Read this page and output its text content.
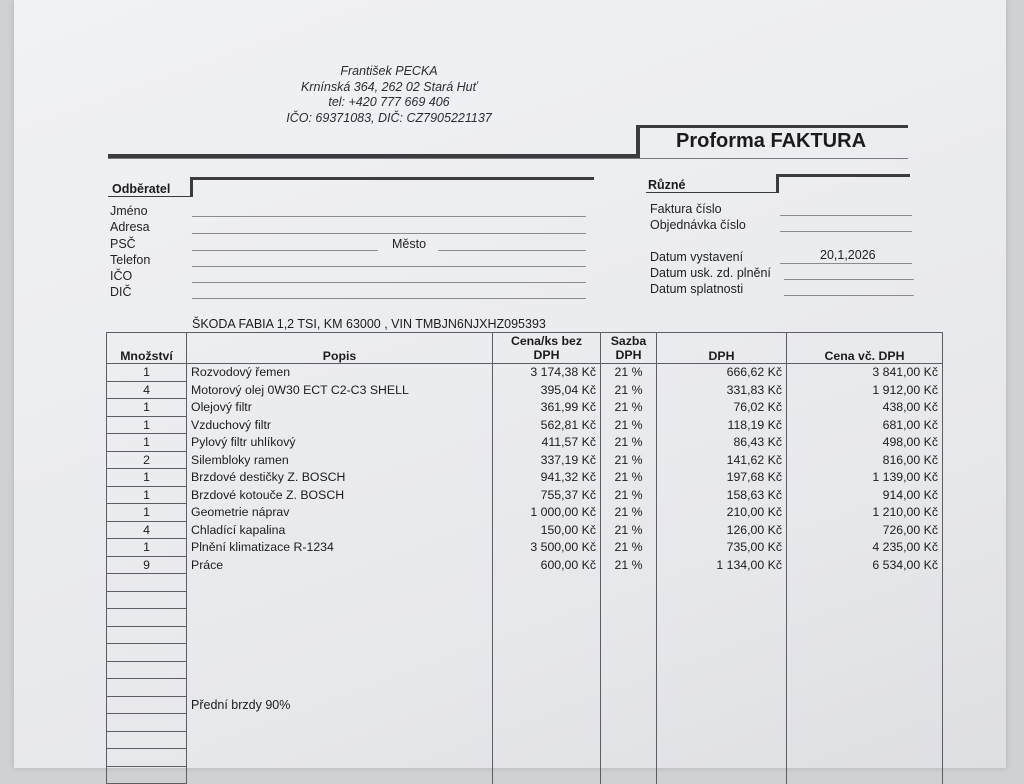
František PECKA
Krnínská 364, 262 02 Stará Huť
tel: +420 777 669 406
IČO: 69371083, DIČ: CZ7905221137
Proforma FAKTURA
Odběratel
Jméno
Adresa
PSČ	Město
Telefon
IČO
DIČ
Různé
Faktura číslo
Objednávka číslo
Datum vystavení	20,1,2026
Datum usk. zd. plnění
Datum splatnosti
ŠKODA FABIA 1,2 TSI, KM 63000 , VIN TMBJN6NJXHZ095393
Množství	Popis	Cena/ks bez DPH	Sazba DPH	DPH	Cena vč. DPH
1	Rozvodový řemen	3 174,38 Kč	21 %	666,62 Kč	3 841,00 Kč
4	Motorový olej 0W30 ECT C2-C3 SHELL	395,04 Kč	21 %	331,83 Kč	1 912,00 Kč
1	Olejový filtr	361,99 Kč	21 %	76,02 Kč	438,00 Kč
1	Vzduchový filtr	562,81 Kč	21 %	118,19 Kč	681,00 Kč
1	Pylový filtr uhlíkový	411,57 Kč	21 %	86,43 Kč	498,00 Kč
2	Silembloky ramen	337,19 Kč	21 %	141,62 Kč	816,00 Kč
1	Brzdové destičky Z. BOSCH	941,32 Kč	21 %	197,68 Kč	1 139,00 Kč
1	Brzdové kotouče Z. BOSCH	755,37 Kč	21 %	158,63 Kč	914,00 Kč
1	Geometrie náprav	1 000,00 Kč	21 %	210,00 Kč	1 210,00 Kč
4	Chladící kapalina	150,00 Kč	21 %	126,00 Kč	726,00 Kč
1	Plnění klimatizace R-1234	3 500,00 Kč	21 %	735,00 Kč	4 235,00 Kč
9	Práce	600,00 Kč	21 %	1 134,00 Kč	6 534,00 Kč

	Přední brzdy 90%				
